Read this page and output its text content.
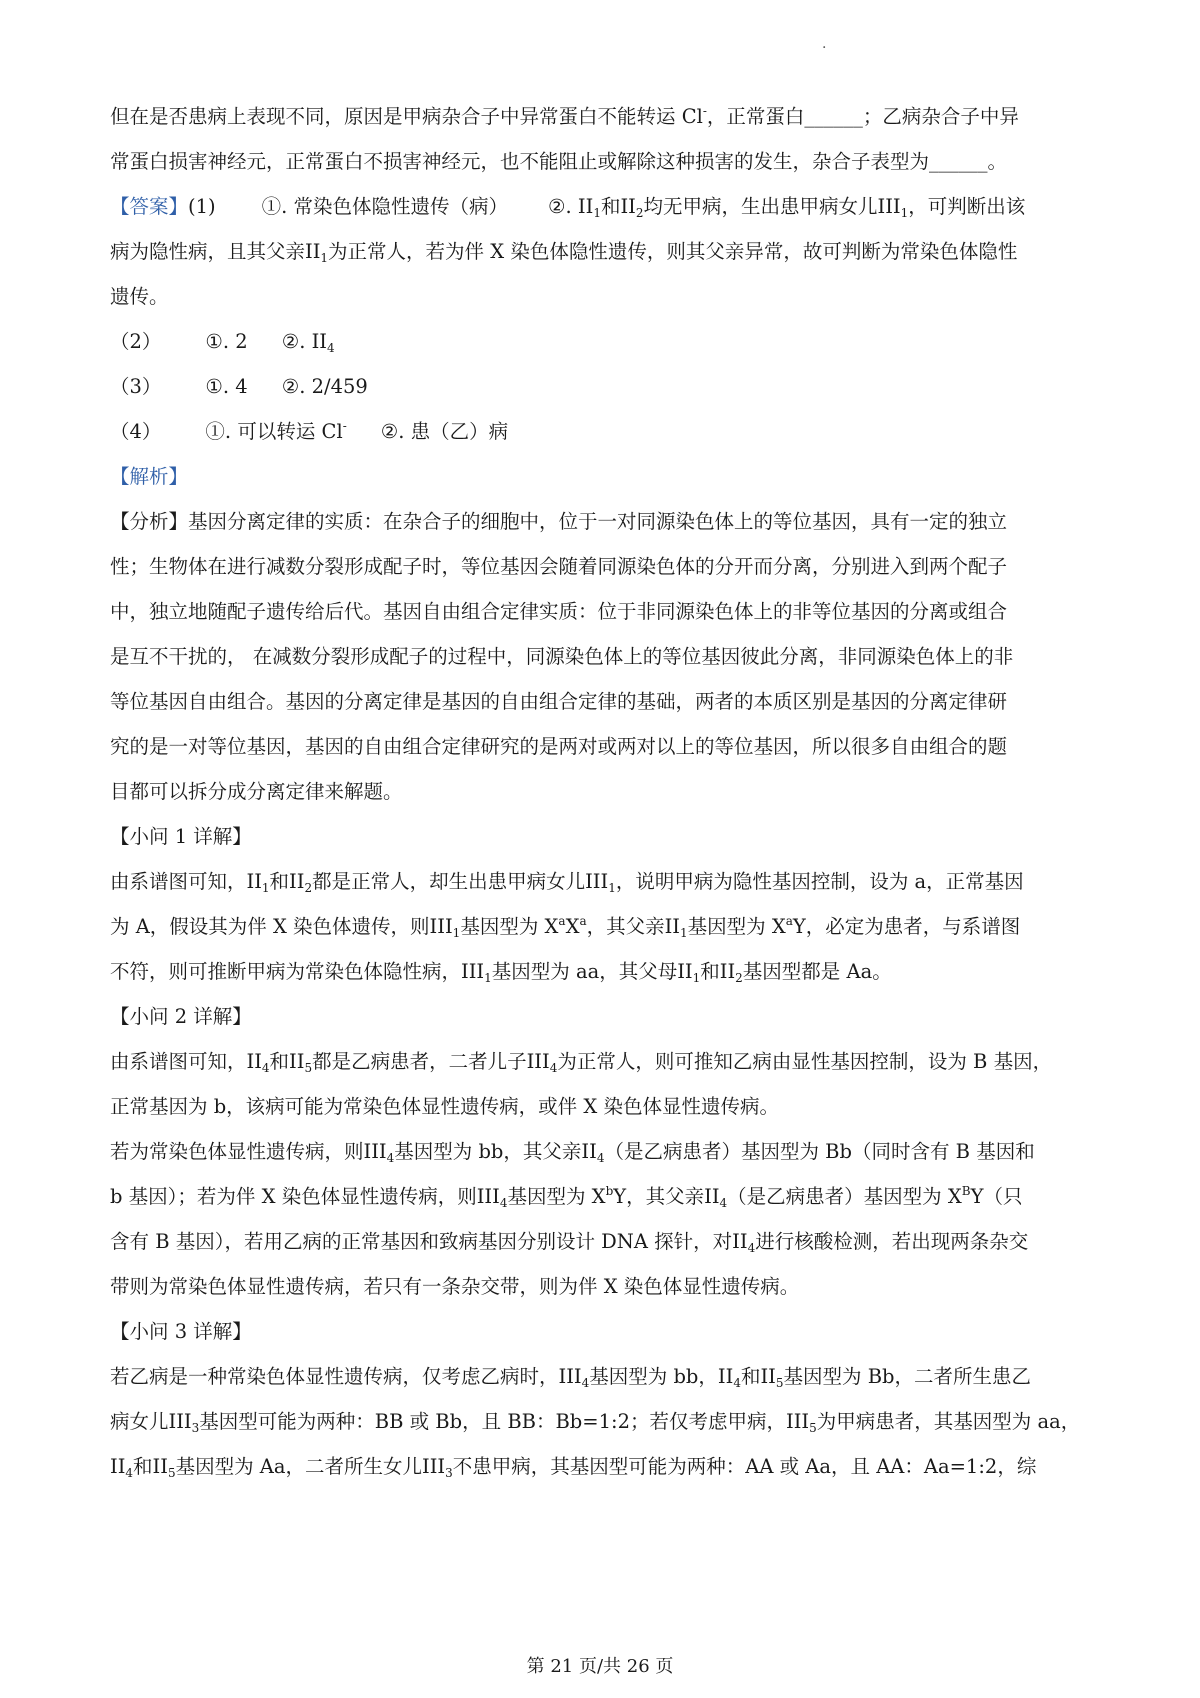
·
但在是否患病上表现不同，原因是甲病杂合子中异常蛋白不能转运 Cl-，正常蛋白______；乙病杂合子中异
常蛋白损害神经元，正常蛋白不损害神经元，也不能阻止或解除这种损害的发生，杂合子表型为______。
【答案】(1) ①. 常染色体隐性遗传（病） ②. $II_1$和$II_2$均无甲病，生出患甲病女儿$III_1$，可判断出该
病为隐性病，且其父亲$II_1$为正常人，若为伴 X 染色体隐性遗传，则其父亲异常，故可判断为常染色体隐性
遗传。
（2） ①. 2 ②. $II_4$
（3） ①. 4 ②. 2/459
（4） ①. 可以转运 Cl- ②. 患（乙）病
【解析】
【分析】基因分离定律的实质：在杂合子的细胞中，位于一对同源染色体上的等位基因，具有一定的独立
性；生物体在进行减数分裂形成配子时，等位基因会随着同源染色体的分开而分离，分别进入到两个配子
中，独立地随配子遗传给后代。基因自由组合定律实质：位于非同源染色体上的非等位基因的分离或组合
是互不干扰的， 在减数分裂形成配子的过程中，同源染色体上的等位基因彼此分离，非同源染色体上的非
等位基因自由组合。基因的分离定律是基因的自由组合定律的基础，两者的本质区别是基因的分离定律研
究的是一对等位基因，基因的自由组合定律研究的是两对或两对以上的等位基因，所以很多自由组合的题
目都可以拆分成分离定律来解题。
【小问 1 详解】
由系谱图可知，$II_1$和$II_2$都是正常人，却生出患甲病女儿$III_1$，说明甲病为隐性基因控制，设为 a，正常基因
为 A，假设其为伴 X 染色体遗传，则$III_1$基因型为 $X^aX^a$，其父亲$II_1$基因型为 $X^aY$，必定为患者，与系谱图
不符，则可推断甲病为常染色体隐性病，$III_1$基因型为 aa，其父母$II_1$和$II_2$基因型都是 Aa。
【小问 2 详解】
由系谱图可知，$II_4$和$II_5$都是乙病患者，二者儿子$III_4$为正常人，则可推知乙病由显性基因控制，设为 B 基因，
正常基因为 b，该病可能为常染色体显性遗传病，或伴 X 染色体显性遗传病。
若为常染色体显性遗传病，则$III_4$基因型为 bb，其父亲$II_4$（是乙病患者）基因型为 Bb（同时含有 B 基因和
b 基因）；若为伴 X 染色体显性遗传病，则$III_4$基因型为 $X^bY$，其父亲$II_4$（是乙病患者）基因型为 $X^BY$（只
含有 B 基因），若用乙病的正常基因和致病基因分别设计 DNA 探针，对$II_4$进行核酸检测，若出现两条杂交
带则为常染色体显性遗传病，若只有一条杂交带，则为伴 X 染色体显性遗传病。
【小问 3 详解】
若乙病是一种常染色体显性遗传病，仅考虑乙病时，$III_4$基因型为 bb，$II_4$和$II_5$基因型为 Bb，二者所生患乙
病女儿$III_3$基因型可能为两种：BB 或 Bb，且 BB：Bb=1:2；若仅考虑甲病，$III_5$为甲病患者，其基因型为 aa，
$II_4$和$II_5$基因型为 Aa，二者所生女儿$III_3$不患甲病，其基因型可能为两种：AA 或 Aa，且 AA：Aa=1:2，综
第 21 页/共 26 页
